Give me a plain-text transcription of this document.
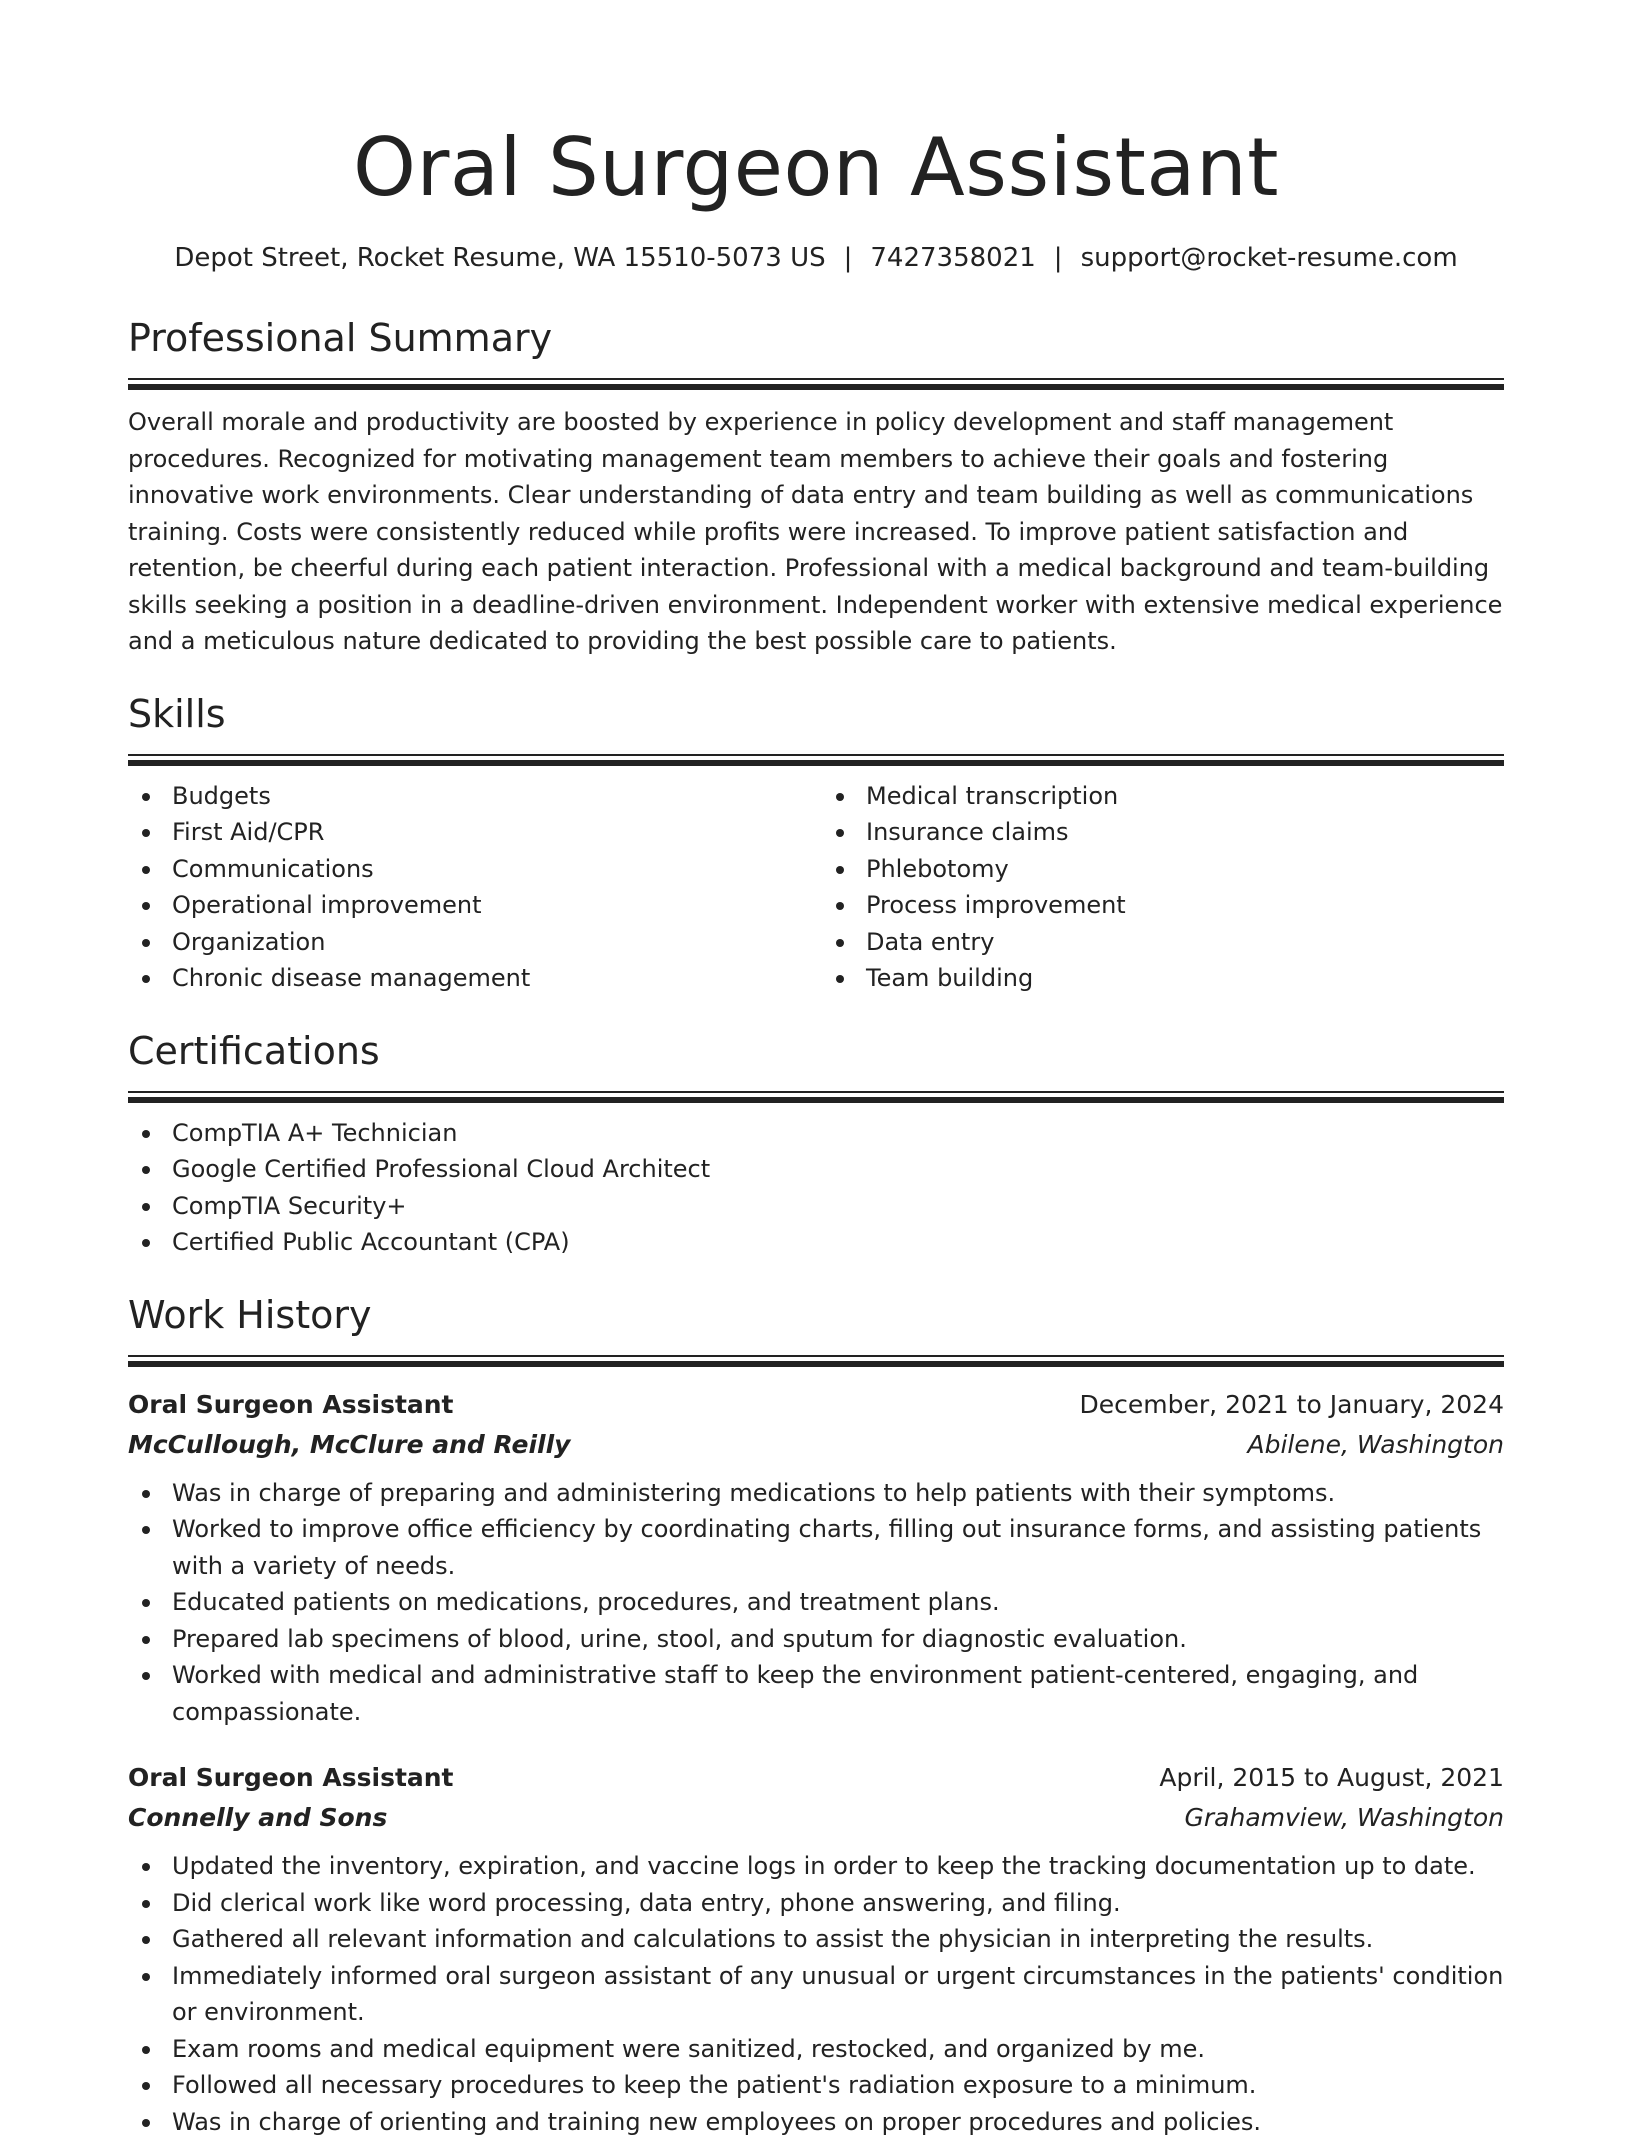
Oral Surgeon Assistant
Depot Street, Rocket Resume, WA 15510-5073 US | 7427358021 | support@rocket-resume.com
Professional Summary

Overall morale and productivity are boosted by experience in policy development and staff management procedures. Recognized for motivating management team members to achieve their goals and fostering innovative work environments. Clear understanding of data entry and team building as well as communications training. Costs were consistently reduced while profits were increased. To improve patient satisfaction and retention, be cheerful during each patient interaction. Professional with a medical background and team-building skills seeking a position in a deadline-driven environment. Independent worker with extensive medical experience and a meticulous nature dedicated to providing the best possible care to patients.

Skills
Budgets
First Aid/CPR
Communications
Operational improvement
Organization
Chronic disease management
Medical transcription
Insurance claims
Phlebotomy
Process improvement
Data entry
Team building
Certifications
CompTIA A+ Technician
Google Certified Professional Cloud Architect
CompTIA Security+
Certified Public Accountant (CPA)
Work History
Oral Surgeon Assistant	December, 2021 to January, 2024
McCullough, McClure and Reilly	Abilene, Washington
Was in charge of preparing and administering medications to help patients with their symptoms.
Worked to improve office efficiency by coordinating charts, filling out insurance forms, and assisting patients with a variety of needs.
Educated patients on medications, procedures, and treatment plans.
Prepared lab specimens of blood, urine, stool, and sputum for diagnostic evaluation.
Worked with medical and administrative staff to keep the environment patient-centered, engaging, and compassionate.
Oral Surgeon Assistant	April, 2015 to August, 2021
Connelly and Sons	Grahamview, Washington
Updated the inventory, expiration, and vaccine logs in order to keep the tracking documentation up to date.
Did clerical work like word processing, data entry, phone answering, and filing.
Gathered all relevant information and calculations to assist the physician in interpreting the results.
Immediately informed oral surgeon assistant of any unusual or urgent circumstances in the patients' condition or environment.
Exam rooms and medical equipment were sanitized, restocked, and organized by me.
Followed all necessary procedures to keep the patient's radiation exposure to a minimum.
Was in charge of orienting and training new employees on proper procedures and policies.
